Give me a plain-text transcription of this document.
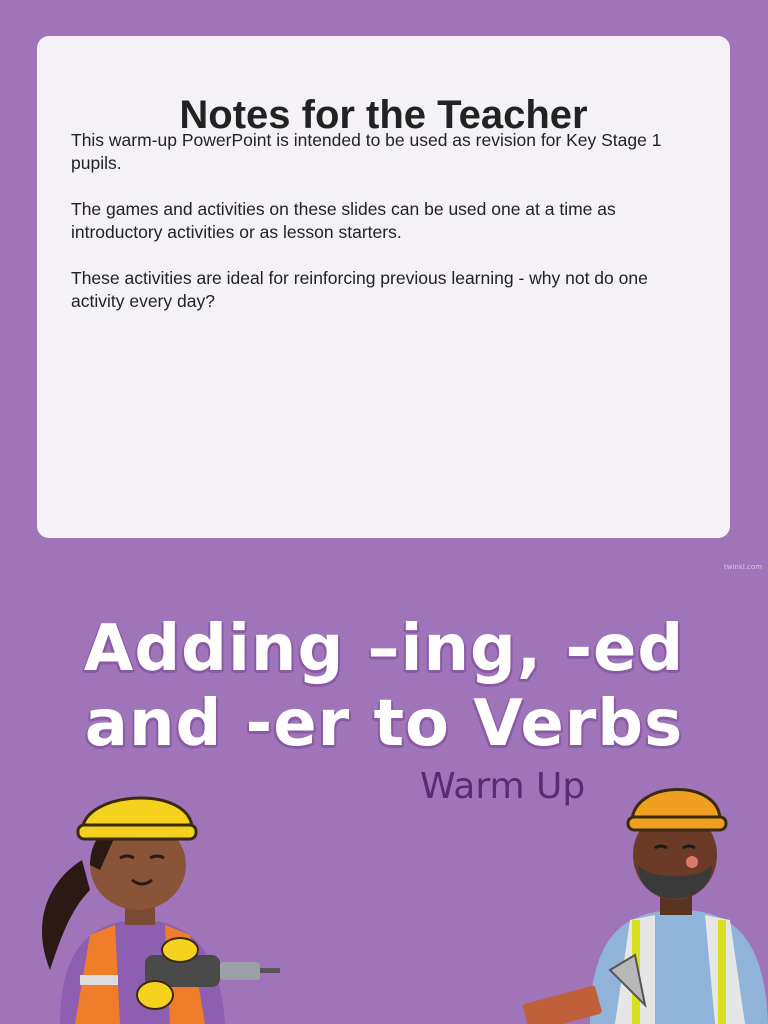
Notes for the Teacher

This warm-up PowerPoint is intended to be used as revision for Key Stage 1 pupils.

The games and activities on these slides can be used one at a time as introductory activities or as lesson starters.

These activities are ideal for reinforcing previous learning - why not do one activity every day?

twinkl.com
Adding –ing, -ed
and -er to Verbs
Warm Up
